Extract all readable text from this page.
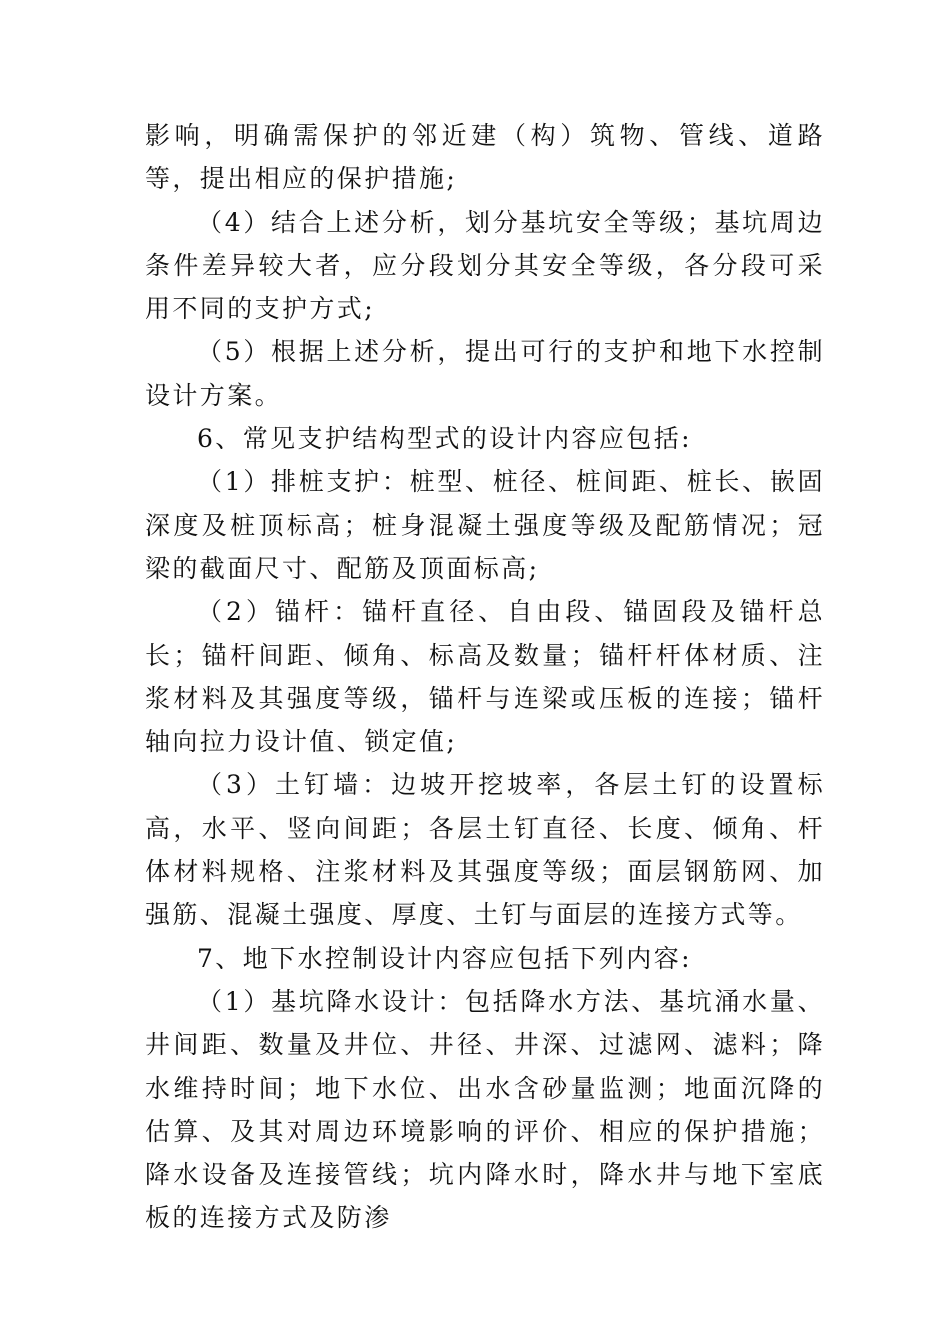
影响，明确需保护的邻近建（构）筑物、管线、道路等，提出相应的保护措施;

（4）结合上述分析，划分基坑安全等级；基坑周边条件差异较大者，应分段划分其安全等级，各分段可采用不同的支护方式;

（5）根据上述分析，提出可行的支护和地下水控制设计方案。

6、常见支护结构型式的设计内容应包括:

（1）排桩支护：桩型、桩径、桩间距、桩长、嵌固深度及桩顶标高；桩身混凝土强度等级及配筋情况；冠梁的截面尺寸、配筋及顶面标高;

（2）锚杆：锚杆直径、自由段、锚固段及锚杆总长；锚杆间距、倾角、标高及数量；锚杆杆体材质、注浆材料及其强度等级，锚杆与连梁或压板的连接；锚杆轴向拉力设计值、锁定值;

（3）土钉墙：边坡开挖坡率，各层土钉的设置标高，水平、竖向间距；各层土钉直径、长度、倾角、杆体材料规格、注浆材料及其强度等级；面层钢筋网、加强筋、混凝土强度、厚度、土钉与面层的连接方式等。

7、地下水控制设计内容应包括下列内容:

（1）基坑降水设计：包括降水方法、基坑涌水量、井间距、数量及井位、井径、井深、过滤网、滤料；降水维持时间；地下水位、出水含砂量监测；地面沉降的估算、及其对周边环境影响的评价、相应的保护措施；降水设备及连接管线；坑内降水时，降水井与地下室底板的连接方式及防渗
